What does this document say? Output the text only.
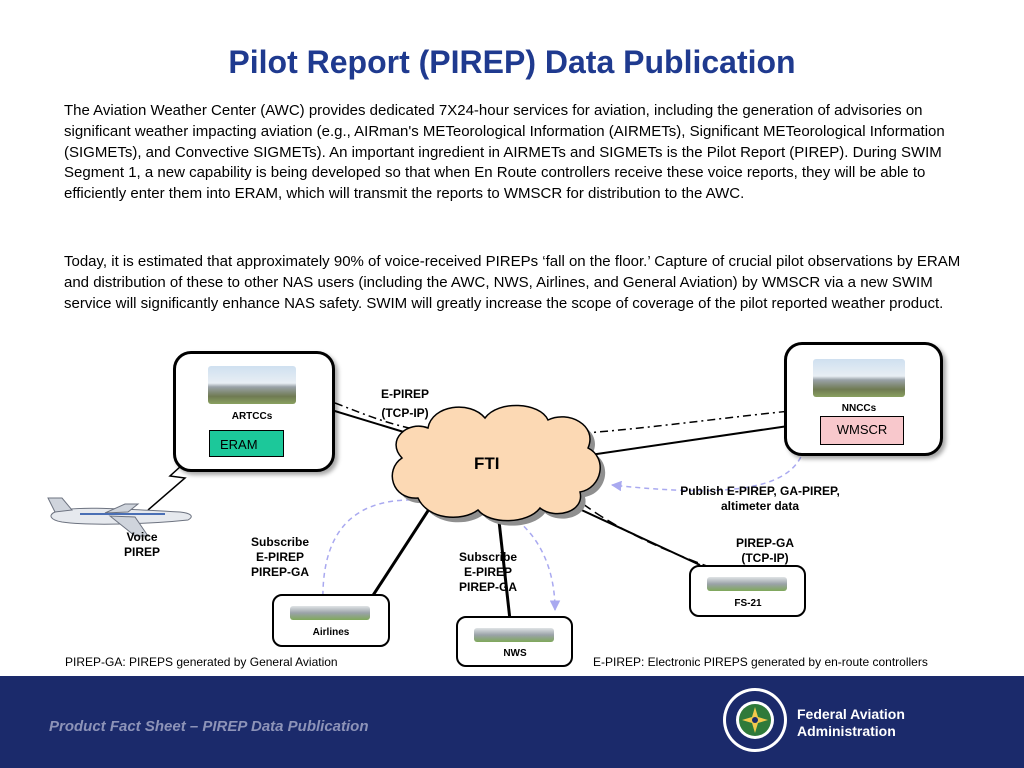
Pilot Report (PIREP) Data Publication

The Aviation Weather Center (AWC) provides dedicated 7X24-hour services for aviation, including the generation of advisories on significant weather impacting aviation (e.g., AIRman's METeorological Information (AIRMETs), Significant METeorological Information (SIGMETs), and Convective SIGMETs). An important ingredient in AIRMETs and SIGMETs is the Pilot Report (PIREP). During SWIM Segment 1, a new capability is being developed so that when En Route controllers receive these voice reports, they will be able to efficiently enter them into ERAM, which will transmit the reports to WMSCR for distribution to the AWC.

Today, it is estimated that approximately 90% of voice-received PIREPs ‘fall on the floor.’ Capture of crucial pilot observations by ERAM and distribution of these to other NAS users (including the AWC, NWS, Airlines, and General Aviation) by WMSCR via a new SWIM service will significantly enhance NAS safety. SWIM will greatly increase the scope of coverage of the pilot reported weather product.

ARTCCs
ERAM
NNCCs
WMSCR
FTI
E-PIREP
(TCP-IP)
Voice
PIREP
Publish E-PIREP, GA-PIREP,
altimeter data
PIREP-GA
(TCP-IP)
Subscribe
E-PIREP
PIREP-GA
Subscribe
E-PIREP
PIREP-GA
Airlines
NWS
FS-21
PIREP-GA: PIREPS generated by General Aviation	E-PIREP: Electronic PIREPS generated by en-route controllers
Product Fact Sheet – PIREP Data Publication
Federal Aviation
Administration
